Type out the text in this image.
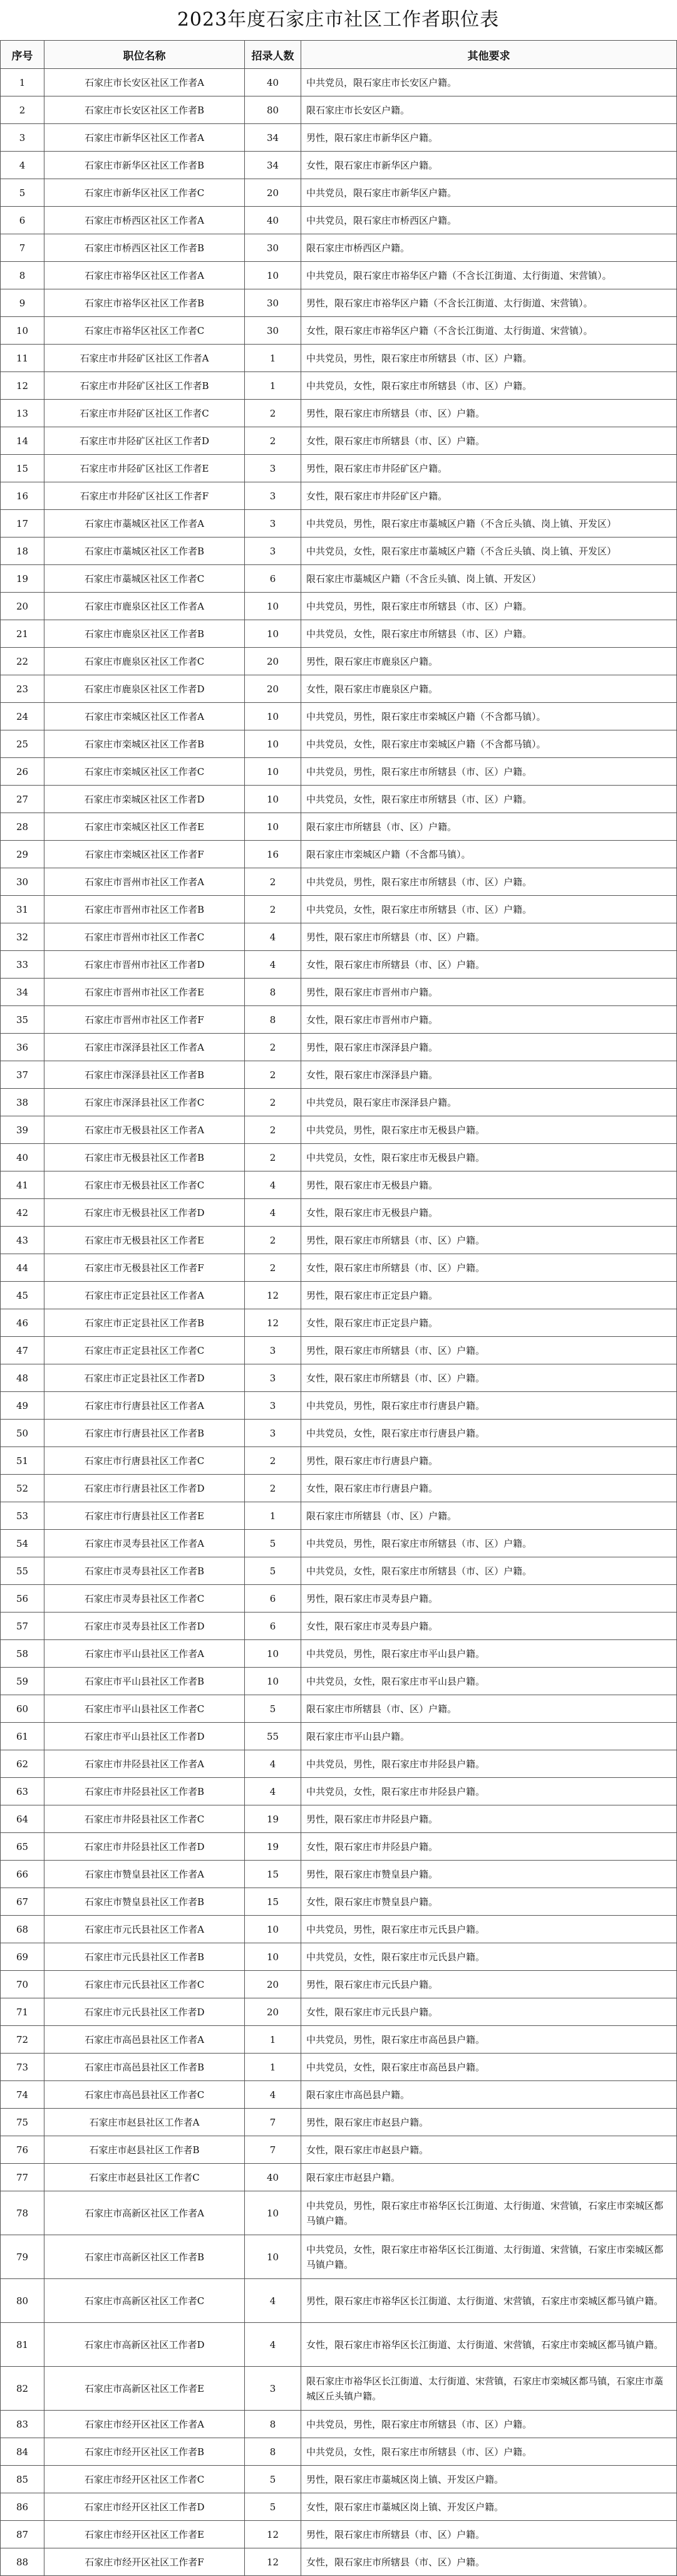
2023年度石家庄市社区工作者职位表
序号	职位名称	招录人数	其他要求
1	石家庄市长安区社区工作者A	40	中共党员，限石家庄市长安区户籍。
2	石家庄市长安区社区工作者B	80	限石家庄市长安区户籍。
3	石家庄市新华区社区工作者A	34	男性，限石家庄市新华区户籍。
4	石家庄市新华区社区工作者B	34	女性，限石家庄市新华区户籍。
5	石家庄市新华区社区工作者C	20	中共党员，限石家庄市新华区户籍。
6	石家庄市桥西区社区工作者A	40	中共党员，限石家庄市桥西区户籍。
7	石家庄市桥西区社区工作者B	30	限石家庄市桥西区户籍。
8	石家庄市裕华区社区工作者A	10	中共党员，限石家庄市裕华区户籍（不含长江街道、太行街道、宋营镇）。
9	石家庄市裕华区社区工作者B	30	男性，限石家庄市裕华区户籍（不含长江街道、太行街道、宋营镇）。
10	石家庄市裕华区社区工作者C	30	女性，限石家庄市裕华区户籍（不含长江街道、太行街道、宋营镇）。
11	石家庄市井陉矿区社区工作者A	1	中共党员，男性，限石家庄市所辖县（市、区）户籍。
12	石家庄市井陉矿区社区工作者B	1	中共党员，女性，限石家庄市所辖县（市、区）户籍。
13	石家庄市井陉矿区社区工作者C	2	男性，限石家庄市所辖县（市、区）户籍。
14	石家庄市井陉矿区社区工作者D	2	女性，限石家庄市所辖县（市、区）户籍。
15	石家庄市井陉矿区社区工作者E	3	男性，限石家庄市井陉矿区户籍。
16	石家庄市井陉矿区社区工作者F	3	女性，限石家庄市井陉矿区户籍。
17	石家庄市藁城区社区工作者A	3	中共党员，男性，限石家庄市藁城区户籍（不含丘头镇、岗上镇、开发区）
18	石家庄市藁城区社区工作者B	3	中共党员，女性，限石家庄市藁城区户籍（不含丘头镇、岗上镇、开发区）
19	石家庄市藁城区社区工作者C	6	限石家庄市藁城区户籍（不含丘头镇、岗上镇、开发区）
20	石家庄市鹿泉区社区工作者A	10	中共党员，男性，限石家庄市所辖县（市、区）户籍。
21	石家庄市鹿泉区社区工作者B	10	中共党员，女性，限石家庄市所辖县（市、区）户籍。
22	石家庄市鹿泉区社区工作者C	20	男性，限石家庄市鹿泉区户籍。
23	石家庄市鹿泉区社区工作者D	20	女性，限石家庄市鹿泉区户籍。
24	石家庄市栾城区社区工作者A	10	中共党员，男性，限石家庄市栾城区户籍（不含都马镇）。
25	石家庄市栾城区社区工作者B	10	中共党员，女性，限石家庄市栾城区户籍（不含都马镇）。
26	石家庄市栾城区社区工作者C	10	中共党员，男性，限石家庄市所辖县（市、区）户籍。
27	石家庄市栾城区社区工作者D	10	中共党员，女性，限石家庄市所辖县（市、区）户籍。
28	石家庄市栾城区社区工作者E	10	限石家庄市所辖县（市、区）户籍。
29	石家庄市栾城区社区工作者F	16	限石家庄市栾城区户籍（不含都马镇）。
30	石家庄市晋州市社区工作者A	2	中共党员，男性，限石家庄市所辖县（市、区）户籍。
31	石家庄市晋州市社区工作者B	2	中共党员，女性，限石家庄市所辖县（市、区）户籍。
32	石家庄市晋州市社区工作者C	4	男性，限石家庄市所辖县（市、区）户籍。
33	石家庄市晋州市社区工作者D	4	女性，限石家庄市所辖县（市、区）户籍。
34	石家庄市晋州市社区工作者E	8	男性，限石家庄市晋州市户籍。
35	石家庄市晋州市社区工作者F	8	女性，限石家庄市晋州市户籍。
36	石家庄市深泽县社区工作者A	2	男性，限石家庄市深泽县户籍。
37	石家庄市深泽县社区工作者B	2	女性，限石家庄市深泽县户籍。
38	石家庄市深泽县社区工作者C	2	中共党员，限石家庄市深泽县户籍。
39	石家庄市无极县社区工作者A	2	中共党员，男性，限石家庄市无极县户籍。
40	石家庄市无极县社区工作者B	2	中共党员，女性，限石家庄市无极县户籍。
41	石家庄市无极县社区工作者C	4	男性，限石家庄市无极县户籍。
42	石家庄市无极县社区工作者D	4	女性，限石家庄市无极县户籍。
43	石家庄市无极县社区工作者E	2	男性，限石家庄市所辖县（市、区）户籍。
44	石家庄市无极县社区工作者F	2	女性，限石家庄市所辖县（市、区）户籍。
45	石家庄市正定县社区工作者A	12	男性，限石家庄市正定县户籍。
46	石家庄市正定县社区工作者B	12	女性，限石家庄市正定县户籍。
47	石家庄市正定县社区工作者C	3	男性，限石家庄市所辖县（市、区）户籍。
48	石家庄市正定县社区工作者D	3	女性，限石家庄市所辖县（市、区）户籍。
49	石家庄市行唐县社区工作者A	3	中共党员，男性，限石家庄市行唐县户籍。
50	石家庄市行唐县社区工作者B	3	中共党员，女性，限石家庄市行唐县户籍。
51	石家庄市行唐县社区工作者C	2	男性，限石家庄市行唐县户籍。
52	石家庄市行唐县社区工作者D	2	女性，限石家庄市行唐县户籍。
53	石家庄市行唐县社区工作者E	1	限石家庄市所辖县（市、区）户籍。
54	石家庄市灵寿县社区工作者A	5	中共党员，男性，限石家庄市所辖县（市、区）户籍。
55	石家庄市灵寿县社区工作者B	5	中共党员，女性，限石家庄市所辖县（市、区）户籍。
56	石家庄市灵寿县社区工作者C	6	男性，限石家庄市灵寿县户籍。
57	石家庄市灵寿县社区工作者D	6	女性，限石家庄市灵寿县户籍。
58	石家庄市平山县社区工作者A	10	中共党员，男性，限石家庄市平山县户籍。
59	石家庄市平山县社区工作者B	10	中共党员，女性，限石家庄市平山县户籍。
60	石家庄市平山县社区工作者C	5	限石家庄市所辖县（市、区）户籍。
61	石家庄市平山县社区工作者D	55	限石家庄市平山县户籍。
62	石家庄市井陉县社区工作者A	4	中共党员，男性，限石家庄市井陉县户籍。
63	石家庄市井陉县社区工作者B	4	中共党员，女性，限石家庄市井陉县户籍。
64	石家庄市井陉县社区工作者C	19	男性，限石家庄市井陉县户籍。
65	石家庄市井陉县社区工作者D	19	女性，限石家庄市井陉县户籍。
66	石家庄市赞皇县社区工作者A	15	男性，限石家庄市赞皇县户籍。
67	石家庄市赞皇县社区工作者B	15	女性，限石家庄市赞皇县户籍。
68	石家庄市元氏县社区工作者A	10	中共党员，男性，限石家庄市元氏县户籍。
69	石家庄市元氏县社区工作者B	10	中共党员，女性，限石家庄市元氏县户籍。
70	石家庄市元氏县社区工作者C	20	男性，限石家庄市元氏县户籍。
71	石家庄市元氏县社区工作者D	20	女性，限石家庄市元氏县户籍。
72	石家庄市高邑县社区工作者A	1	中共党员，男性，限石家庄市高邑县户籍。
73	石家庄市高邑县社区工作者B	1	中共党员，女性，限石家庄市高邑县户籍。
74	石家庄市高邑县社区工作者C	4	限石家庄市高邑县户籍。
75	石家庄市赵县社区工作者A	7	男性，限石家庄市赵县户籍。
76	石家庄市赵县社区工作者B	7	女性，限石家庄市赵县户籍。
77	石家庄市赵县社区工作者C	40	限石家庄市赵县户籍。
78	石家庄市高新区社区工作者A	10	中共党员，男性，限石家庄市裕华区长江街道、太行街道、宋营镇，石家庄市栾城区都马镇户籍。
79	石家庄市高新区社区工作者B	10	中共党员，女性，限石家庄市裕华区长江街道、太行街道、宋营镇，石家庄市栾城区都马镇户籍。
80	石家庄市高新区社区工作者C	4	男性，限石家庄市裕华区长江街道、太行街道、宋营镇，石家庄市栾城区都马镇户籍。
81	石家庄市高新区社区工作者D	4	女性，限石家庄市裕华区长江街道、太行街道、宋营镇，石家庄市栾城区都马镇户籍。
82	石家庄市高新区社区工作者E	3	限石家庄市裕华区长江街道、太行街道、宋营镇，石家庄市栾城区都马镇，石家庄市藁城区丘头镇户籍。
83	石家庄市经开区社区工作者A	8	中共党员，男性，限石家庄市所辖县（市、区）户籍。
84	石家庄市经开区社区工作者B	8	中共党员，女性，限石家庄市所辖县（市、区）户籍。
85	石家庄市经开区社区工作者C	5	男性，限石家庄市藁城区岗上镇、开发区户籍。
86	石家庄市经开区社区工作者D	5	女性，限石家庄市藁城区岗上镇、开发区户籍。
87	石家庄市经开区社区工作者E	12	男性，限石家庄市所辖县（市、区）户籍。
88	石家庄市经开区社区工作者F	12	女性，限石家庄市所辖县（市、区）户籍。
